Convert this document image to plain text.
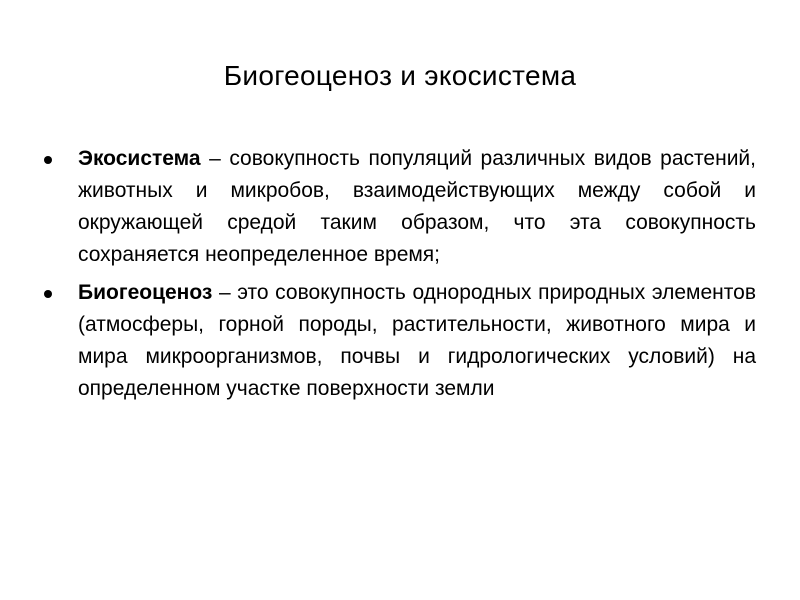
Биогеоценоз и экосистема
Экосистема – совокупность популяций различных видов растений, животных и микробов, взаимодействующих между собой и окружающей средой таким образом, что эта совокупность сохраняется неопределенное время;
Биогеоценоз – это совокупность однородных природных элементов (атмосферы, горной породы, растительности, животного мира и мира микроорганизмов, почвы и гидрологических условий) на определенном участке поверхности земли
